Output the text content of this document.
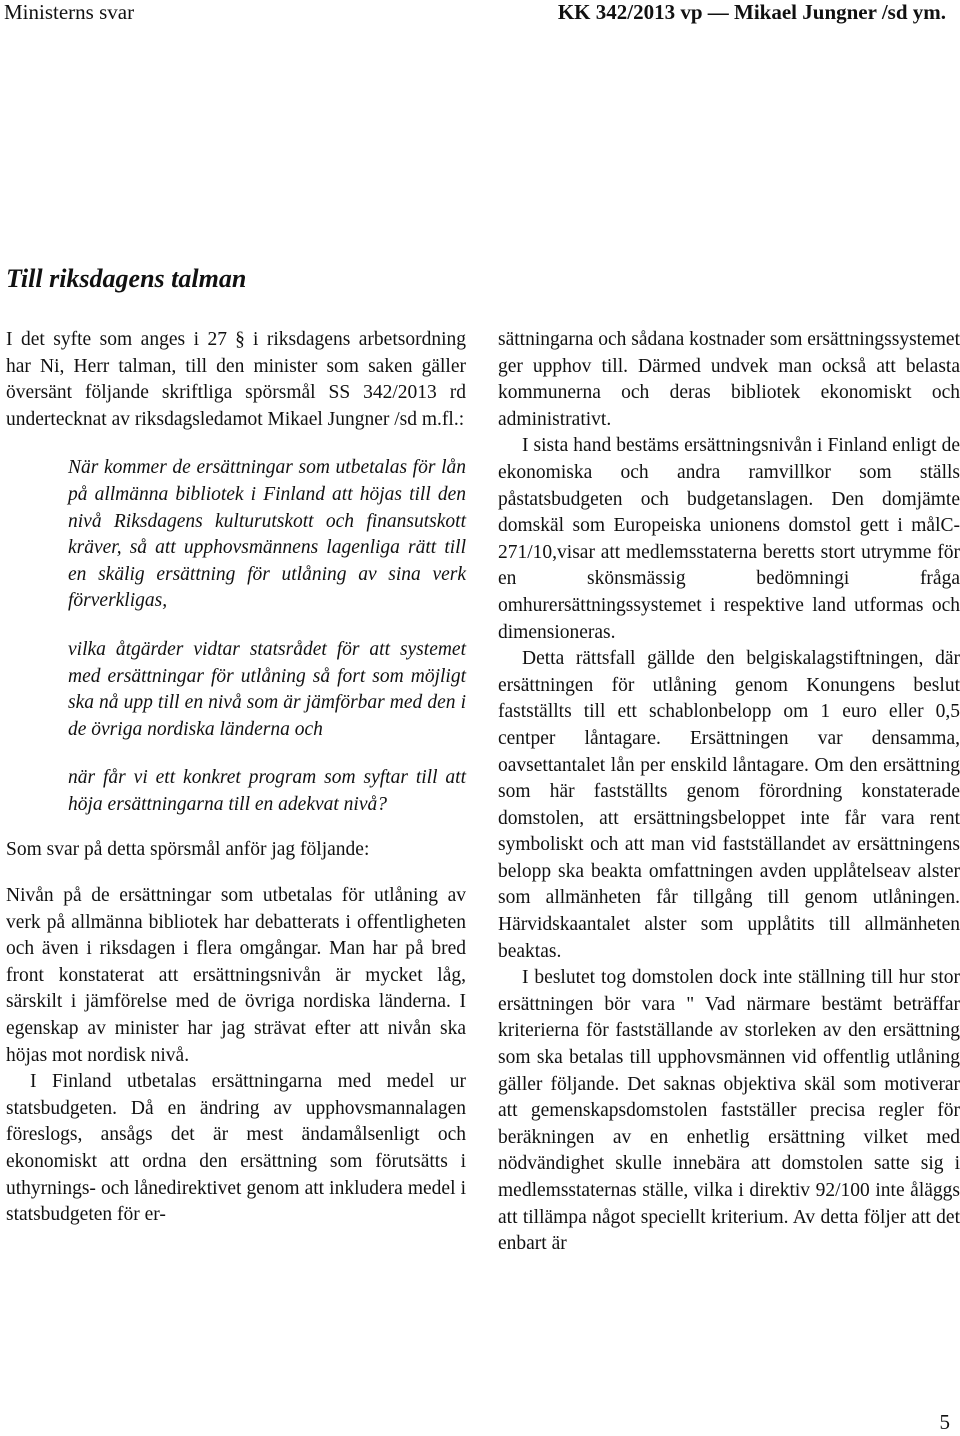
Ministerns svar	KK 342/2013 vp — Mikael Jungner /sd ym.
Till riksdagens talman

I det syfte som anges i 27 § i riksdagens arbetsordning har Ni, Herr talman, till den minister som saken gäller översänt följande skriftliga spörsmål SS 342/2013 rd undertecknat av riksdagsledamot Mikael Jungner /sd m.fl.:

När kommer de ersättningar som utbetalas för lån på allmänna bibliotek i Finland att höjas till den nivå Riksdagens kulturutskott och finansutskott kräver, så att upphovsmännens lagenliga rätt till en skälig ersättning för utlåning av sina verk förverkligas,

vilka åtgärder vidtar statsrådet för att systemet med ersättningar för utlåning så fort som möjligt ska nå upp till en nivå som är jämförbar med den i de övriga nordiska länderna och

när får vi ett konkret program som syftar till att höja ersättningarna till en adekvat nivå?

Som svar på detta spörsmål anför jag följande:

Nivån på de ersättningar som utbetalas för utlåning av verk på allmänna bibliotek har debatterats i offentligheten och även i riksdagen i flera omgångar. Man har på bred front konstaterat att ersättningsnivån är mycket låg, särskilt i jämförelse med de övriga nordiska länderna. I egenskap av minister har jag strävat efter att nivån ska höjas mot nordisk nivå.

I Finland utbetalas ersättningarna med medel ur statsbudgeten. Då en ändring av upphovsmannalagen föreslogs, ansågs det är mest ändamålsenligt och ekonomiskt att ordna den ersättning som förutsätts i uthyrnings- och lånedirektivet genom att inkludera medel i statsbudgeten för er-

sättningarna och sådana kostnader som ersättningssystemet ger upphov till. Därmed undvek man också att belasta kommunerna och deras bibliotek ekonomiskt och administrativt.

I sista hand bestäms ersättningsnivån i Finland enligt de ekonomiska och andra ramvillkor som ställs påstatsbudgeten och budgetanslagen. Den domjämte domskäl som Europeiska unionens domstol gett i målC-271/10,visar att medlemsstaterna beretts stort utrymme för en skönsmässig bedömningi fråga omhurersättningssystemet i respektive land utformas och dimensioneras.

Detta rättsfall gällde den belgiskalagstiftningen, där ersättningen för utlåning genom Konungens beslut fastställts till ett schablonbelopp om 1 euro eller 0,5 centper låntagare. Ersättningen var densamma, oavsettantalet lån per enskild låntagare. Om den ersättning som här fastställts genom förordning konstaterade domstolen, att ersättningsbeloppet inte får vara rent symboliskt och att man vid fastställandet av ersättningens belopp ska beakta omfattningen avden upplåtelseav alster som allmänheten får tillgång till genom utlåningen. Härvidskaantalet alster som upplåtits till allmänheten beaktas.

I beslutet tog domstolen dock inte ställning till hur stor ersättningen bör vara " Vad närmare bestämt beträffar kriterierna för fastställande av storleken av den ersättning som ska betalas till upphovsmännen vid offentlig utlåning gäller följande. Det saknas objektiva skäl som motiverar att gemenskapsdomstolen fastställer precisa regler för beräkningen av en enhetlig ersättning vilket med nödvändighet skulle innebära att domstolen satte sig i medlemsstaternas ställe, vilka i direktiv 92/100 inte åläggs att tillämpa något speciellt kriterium. Av detta följer att det enbart är

5
